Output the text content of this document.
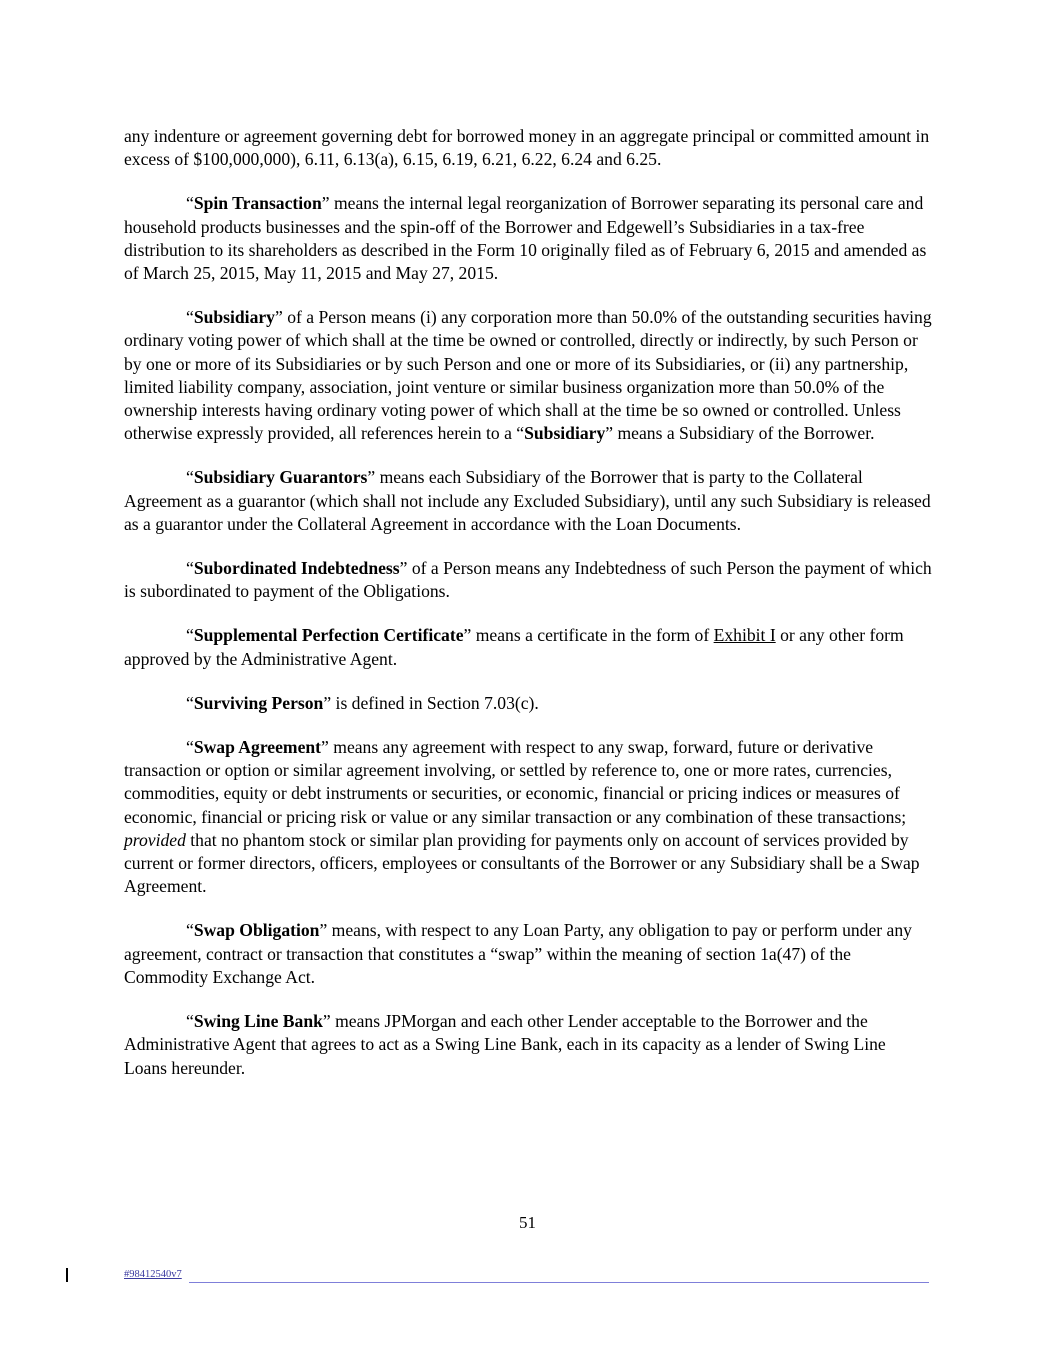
any indenture or agreement governing debt for borrowed money in an aggregate principal or committed amount in excess of $100,000,000), 6.11, 6.13(a), 6.15, 6.19, 6.21, 6.22, 6.24 and 6.25.

“Spin Transaction” means the internal legal reorganization of Borrower separating its personal care and household products businesses and the spin-off of the Borrower and Edgewell’s Subsidiaries in a tax-free distribution to its shareholders as described in the Form 10 originally filed as of February 6, 2015 and amended as of March 25, 2015, May 11, 2015 and May 27, 2015.

“Subsidiary” of a Person means (i) any corporation more than 50.0% of the outstanding securities having ordinary voting power of which shall at the time be owned or controlled, directly or indirectly, by such Person or by one or more of its Subsidiaries or by such Person and one or more of its Subsidiaries, or (ii) any partnership, limited liability company, association, joint venture or similar business organization more than 50.0% of the ownership interests having ordinary voting power of which shall at the time be so owned or controlled. Unless otherwise expressly provided, all references herein to a “Subsidiary” means a Subsidiary of the Borrower.

“Subsidiary Guarantors” means each Subsidiary of the Borrower that is party to the Collateral Agreement as a guarantor (which shall not include any Excluded Subsidiary), until any such Subsidiary is released as a guarantor under the Collateral Agreement in accordance with the Loan Documents.

“Subordinated Indebtedness” of a Person means any Indebtedness of such Person the payment of which is subordinated to payment of the Obligations.

“Supplemental Perfection Certificate” means a certificate in the form of Exhibit I or any other form approved by the Administrative Agent.

“Surviving Person” is defined in Section 7.03(c).

“Swap Agreement” means any agreement with respect to any swap, forward, future or derivative transaction or option or similar agreement involving, or settled by reference to, one or more rates, currencies, commodities, equity or debt instruments or securities, or economic, financial or pricing indices or measures of economic, financial or pricing risk or value or any similar transaction or any combination of these transactions; provided that no phantom stock or similar plan providing for payments only on account of services provided by current or former directors, officers, employees or consultants of the Borrower or any Subsidiary shall be a Swap Agreement.

“Swap Obligation” means, with respect to any Loan Party, any obligation to pay or perform under any agreement, contract or transaction that constitutes a “swap” within the meaning of section 1a(47) of the Commodity Exchange Act.

“Swing Line Bank” means JPMorgan and each other Lender acceptable to the Borrower and the Administrative Agent that agrees to act as a Swing Line Bank, each in its capacity as a lender of Swing Line Loans hereunder.

51
#98412540v7
